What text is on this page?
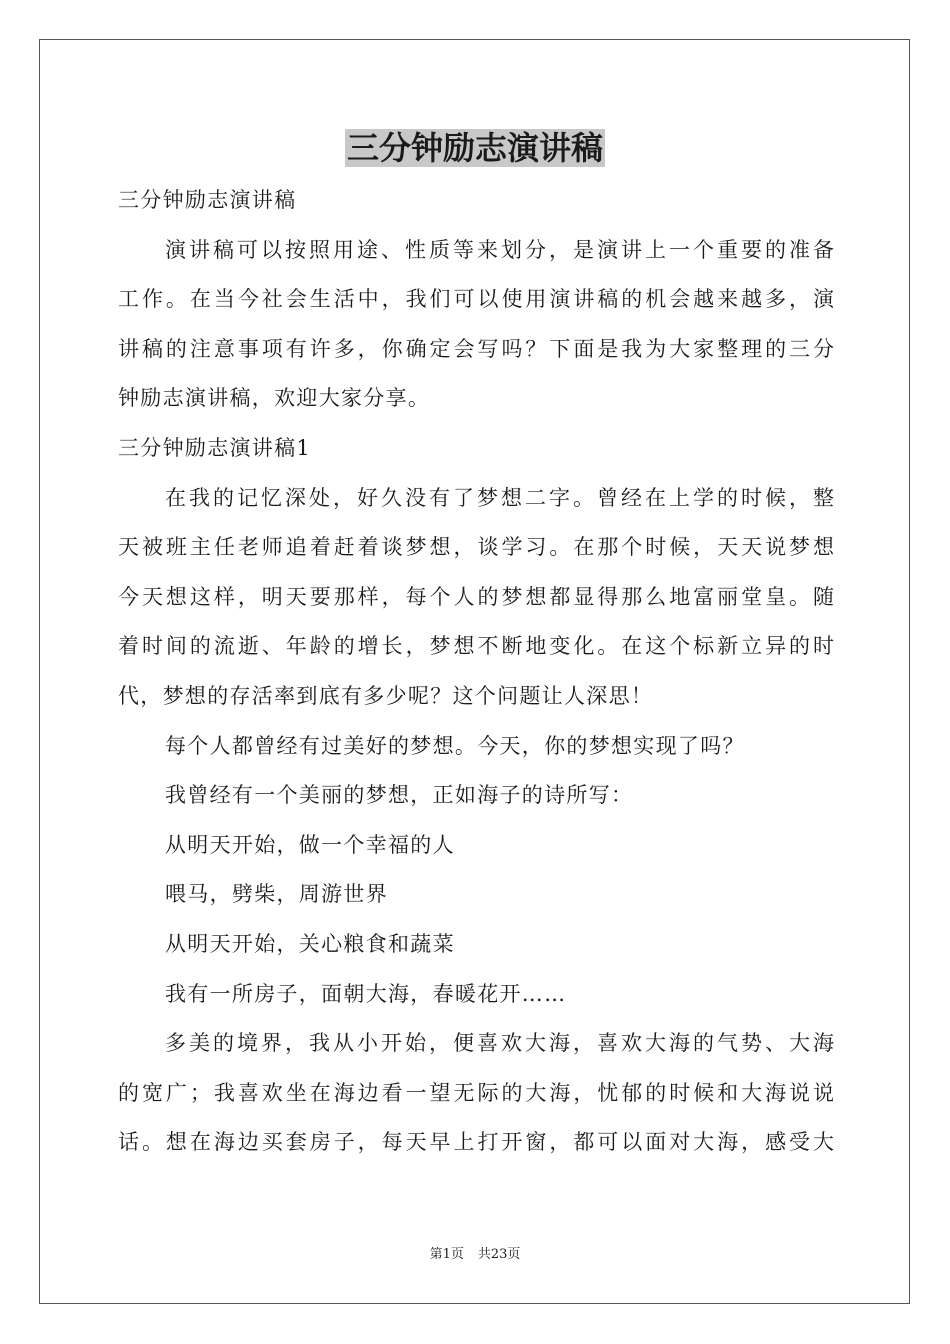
三分钟励志演讲稿
三分钟励志演讲稿
演讲稿可以按照用途、性质等来划分，是演讲上一个重要的准备
工作。在当今社会生活中，我们可以使用演讲稿的机会越来越多，演
讲稿的注意事项有许多，你确定会写吗？下面是我为大家整理的三分
钟励志演讲稿，欢迎大家分享。
三分钟励志演讲稿1
在我的记忆深处，好久没有了梦想二字。曾经在上学的时候，整
天被班主任老师追着赶着谈梦想，谈学习。在那个时候，天天说梦想
今天想这样，明天要那样，每个人的梦想都显得那么地富丽堂皇。随
着时间的流逝、年龄的增长，梦想不断地变化。在这个标新立异的时
代，梦想的存活率到底有多少呢？这个问题让人深思！
每个人都曾经有过美好的梦想。今天，你的梦想实现了吗？
我曾经有一个美丽的梦想，正如海子的诗所写：
从明天开始，做一个幸福的人
喂马，劈柴，周游世界
从明天开始，关心粮食和蔬菜
我有一所房子，面朝大海，春暖花开……
多美的境界，我从小开始，便喜欢大海，喜欢大海的气势、大海
的宽广；我喜欢坐在海边看一望无际的大海，忧郁的时候和大海说说
话。想在海边买套房子，每天早上打开窗，都可以面对大海，感受大
第1页 共23页
